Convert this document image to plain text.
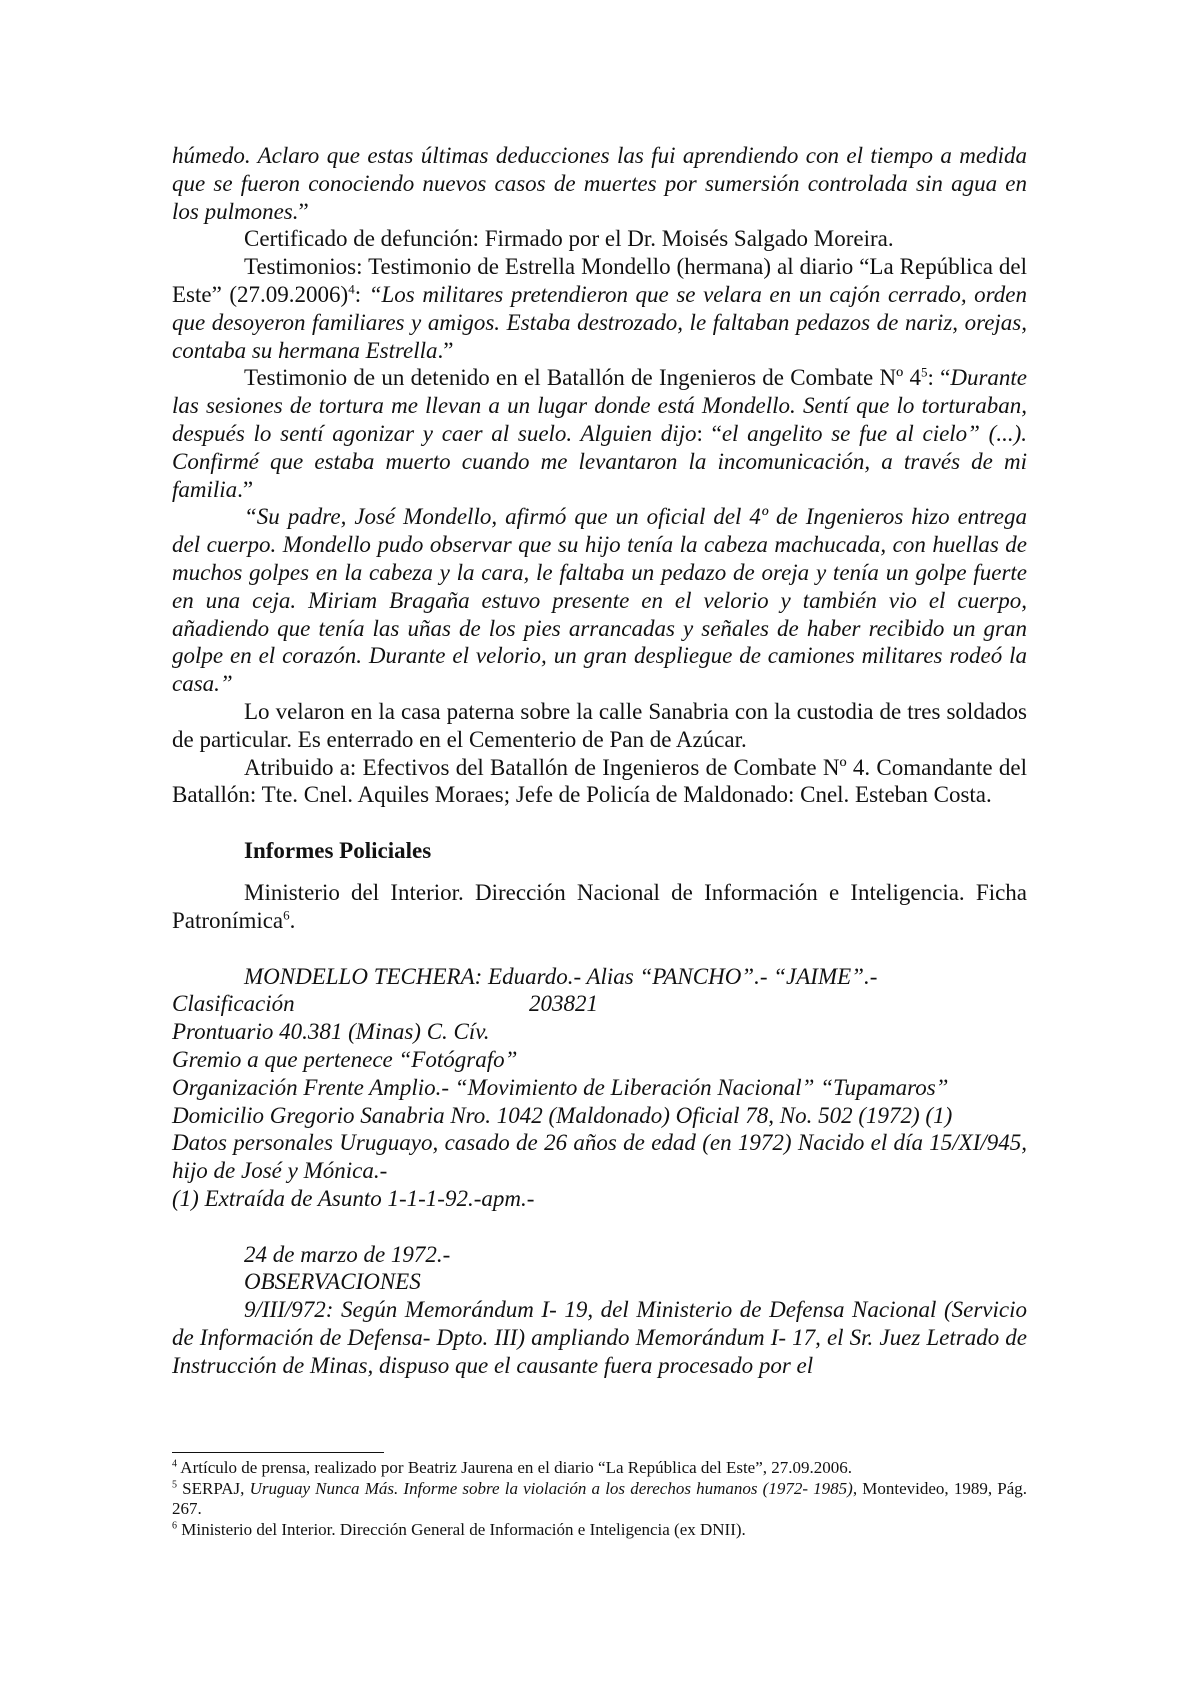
húmedo. Aclaro que estas últimas deducciones las fui aprendiendo con el tiempo a medida que se fueron conociendo nuevos casos de muertes por sumersión controlada sin agua en los pulmones.”

Certificado de defunción: Firmado por el Dr. Moisés Salgado Moreira.

Testimonios: Testimonio de Estrella Mondello (hermana) al diario “La República del Este” $(27.09.2006)^4$: “Los militares pretendieron que se velara en un cajón cerrado, orden que desoyeron familiares y amigos. Estaba destrozado, le faltaban pedazos de nariz, orejas, contaba su hermana Estrella.”

Testimonio de un detenido en el Batallón de Ingenieros de Combate Nº $4^5$: “Durante las sesiones de tortura me llevan a un lugar donde está Mondello. Sentí que lo torturaban, después lo sentí agonizar y caer al suelo. Alguien dijo: “el angelito se fue al cielo” (...). Confirmé que estaba muerto cuando me levantaron la incomunicación, a través de mi familia.”

“Su padre, José Mondello, afirmó que un oficial del 4º de Ingenieros hizo entrega del cuerpo. Mondello pudo observar que su hijo tenía la cabeza machucada, con huellas de muchos golpes en la cabeza y la cara, le faltaba un pedazo de oreja y tenía un golpe fuerte en una ceja. Miriam Bragaña estuvo presente en el velorio y también vio el cuerpo, añadiendo que tenía las uñas de los pies arrancadas y señales de haber recibido un gran golpe en el corazón. Durante el velorio, un gran despliegue de camiones militares rodeó la casa.”

Lo velaron en la casa paterna sobre la calle Sanabria con la custodia de tres soldados de particular. Es enterrado en el Cementerio de Pan de Azúcar.

Atribuido a: Efectivos del Batallón de Ingenieros de Combate Nº 4. Comandante del Batallón: Tte. Cnel. Aquiles Moraes; Jefe de Policía de Maldonado: Cnel. Esteban Costa.

Informes Policiales

Ministerio del Interior. Dirección Nacional de Información e Inteligencia. Ficha Patronímica$^6$.

MONDELLO TECHERA: Eduardo.- Alias “PANCHO”.- “JAIME”.-

Clasificación	203821

Prontuario 40.381 (Minas) C. Cív.

Gremio a que pertenece “Fotógrafo”

Organización Frente Amplio.- “Movimiento de Liberación Nacional” “Tupamaros”

Domicilio Gregorio Sanabria Nro. 1042 (Maldonado) Oficial 78, No. 502 (1972) (1)

Datos personales Uruguayo, casado de 26 años de edad (en 1972) Nacido el día 15/XI/945, hijo de José y Mónica.-

(1) Extraída de Asunto 1-1-1-92.-apm.-

24 de marzo de 1972.-

OBSERVACIONES

9/III/972: Según Memorándum I- 19, del Ministerio de Defensa Nacional (Servicio de Información de Defensa- Dpto. III) ampliando Memorándum I- 17, el Sr. Juez Letrado de Instrucción de Minas, dispuso que el causante fuera procesado por el

$^4$ Artículo de prensa, realizado por Beatriz Jaurena en el diario “La República del Este”, 27.09.2006.

$^5$ SERPAJ, Uruguay Nunca Más. Informe sobre la violación a los derechos humanos (1972- 1985), Montevideo, 1989, Pág. 267.

$^6$ Ministerio del Interior. Dirección General de Información e Inteligencia (ex DNII).
